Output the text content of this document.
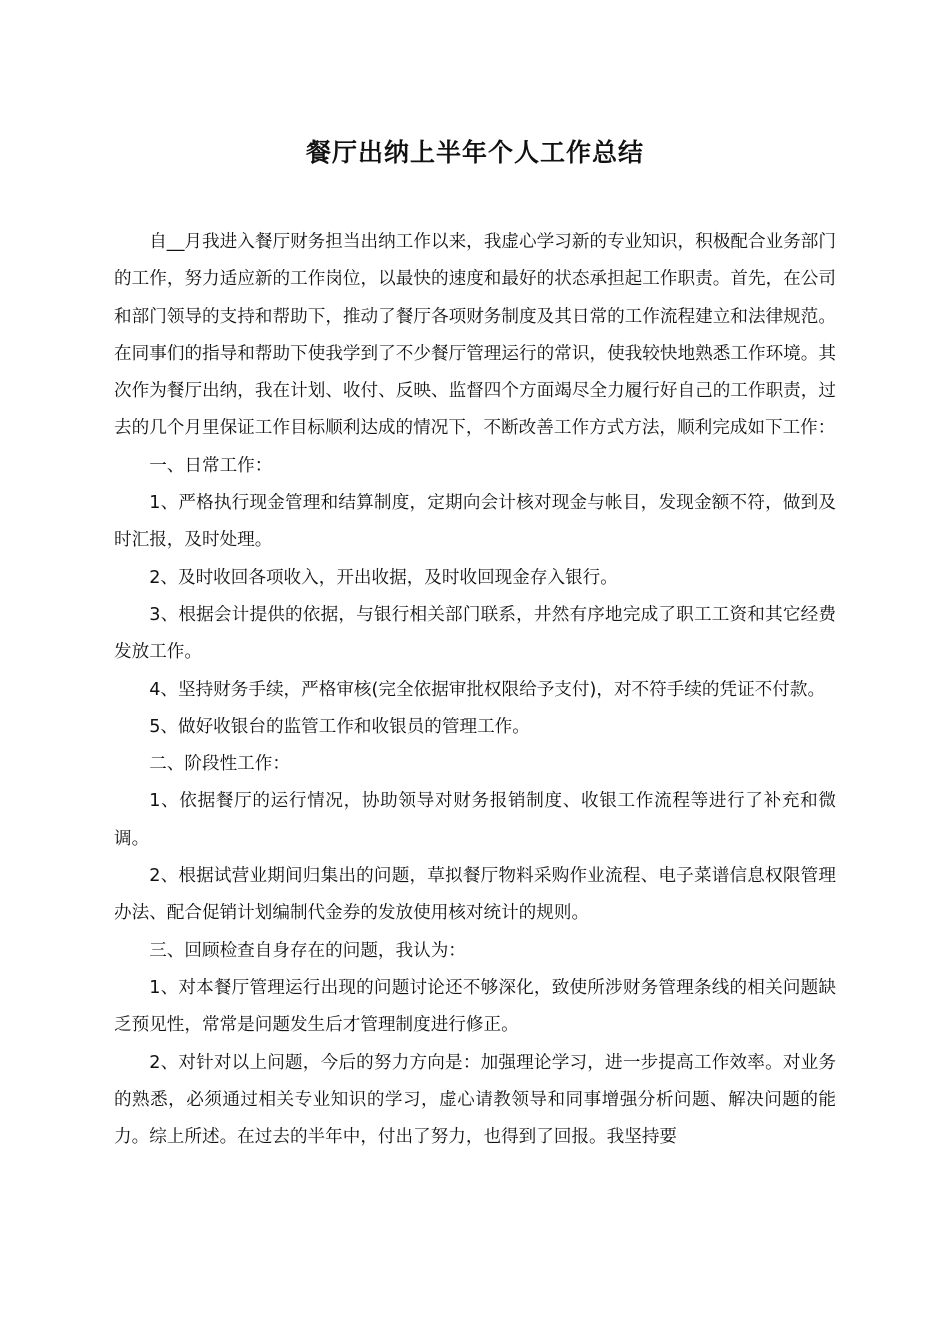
餐厅出纳上半年个人工作总结

自__月我进入餐厅财务担当出纳工作以来，我虚心学习新的专业知识，积极配合业务部门的工作，努力适应新的工作岗位，以最快的速度和最好的状态承担起工作职责。首先，在公司和部门领导的支持和帮助下，推动了餐厅各项财务制度及其日常的工作流程建立和法律规范。在同事们的指导和帮助下使我学到了不少餐厅管理运行的常识，使我较快地熟悉工作环境。其次作为餐厅出纳，我在计划、收付、反映、监督四个方面竭尽全力履行好自己的工作职责，过去的几个月里保证工作目标顺利达成的情况下，不断改善工作方式方法，顺利完成如下工作：

一、日常工作：

1、严格执行现金管理和结算制度，定期向会计核对现金与帐目，发现金额不符，做到及时汇报，及时处理。

2、及时收回各项收入，开出收据，及时收回现金存入银行。

3、根据会计提供的依据，与银行相关部门联系，井然有序地完成了职工工资和其它经费发放工作。

4、坚持财务手续，严格审核(完全依据审批权限给予支付)，对不符手续的凭证不付款。

5、做好收银台的监管工作和收银员的管理工作。

二、阶段性工作：

1、依据餐厅的运行情况，协助领导对财务报销制度、收银工作流程等进行了补充和微调。

2、根据试营业期间归集出的问题，草拟餐厅物料采购作业流程、电子菜谱信息权限管理办法、配合促销计划编制代金券的发放使用核对统计的规则。

三、回顾检查自身存在的问题，我认为：

1、对本餐厅管理运行出现的问题讨论还不够深化，致使所涉财务管理条线的相关问题缺乏预见性，常常是问题发生后才管理制度进行修正。

2、对针对以上问题，今后的努力方向是：加强理论学习，进一步提高工作效率。对业务的熟悉，必须通过相关专业知识的学习，虚心请教领导和同事增强分析问题、解决问题的能力。综上所述。在过去的半年中，付出了努力，也得到了回报。我坚持要
